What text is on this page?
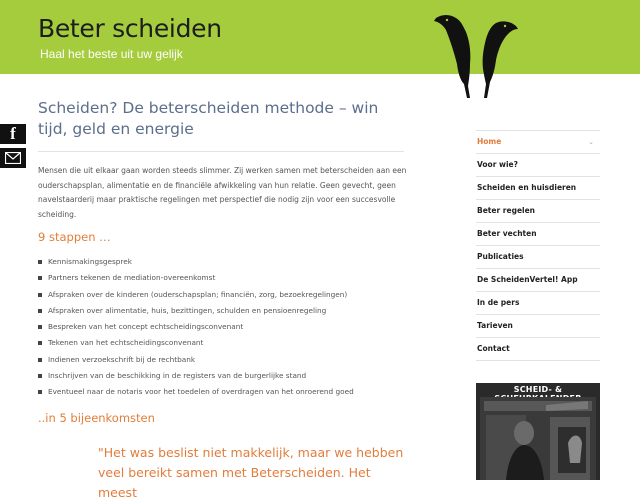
Beter scheiden
Haal het beste uit uw gelijk
f
Scheiden? De beterscheiden methode – win tijd, geld en energie

Mensen die uit elkaar gaan worden steeds slimmer. Zij werken samen met beterscheiden aan een ouderschapsplan, alimentatie en de financiële afwikkeling van hun relatie. Geen gevecht, geen navelstaarderij maar praktische regelingen met perspectief die nodig zijn voor een succesvolle scheiding.

9 stappen …
Kennismakingsgesprek
Partners tekenen de mediation-overeenkomst
Afspraken over de kinderen (ouderschapsplan; financiën, zorg, bezoekregelingen)
Afspraken over alimentatie, huis, bezittingen, schulden en pensioenregeling
Bespreken van het concept echtscheidingsconvenant
Tekenen van het echtscheidingsconvenant
Indienen verzoekschrift bij de rechtbank
Inschrijven van de beschikking in de registers van de burgerlijke stand
Eventueel naar de notaris voor het toedelen of overdragen van het onroerend goed
..in 5 bijeenkomsten
"Het was beslist niet makkelijk, maar we hebben veel bereikt samen met Beterscheiden. Het meest
Home	⌄
Voor wie?
Scheiden en huisdieren
Beter regelen
Beter vechten
Publicaties
De ScheidenVertel! App
In de pers
Tarieven
Contact
SCHEID- &
